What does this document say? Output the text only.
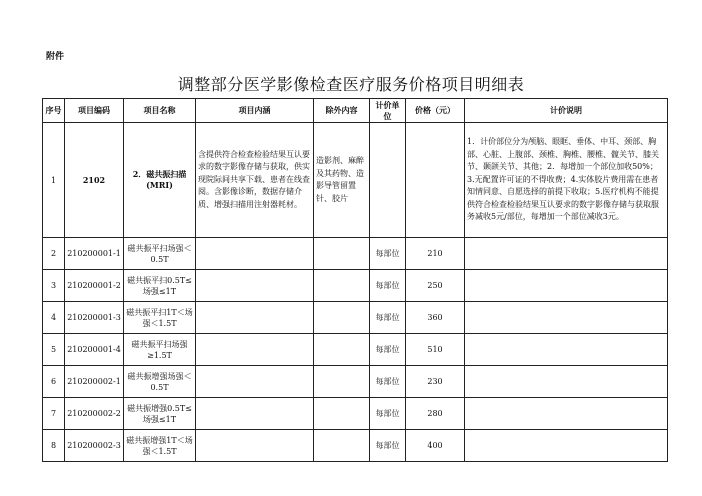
附件
调整部分医学影像检查医疗服务价格项目明细表
序号	项目编码	项目名称	项目内涵	除外内容	计价单位	价格（元）	计价说明
1	2102	2．磁共振扫描(MRI)	含提供符合检查检验结果互认要求的数字影像存储与获取，供实现院际间共享下载、患者在线查阅。含影像诊断，数据存储介质、增强扫描用注射器耗材。	造影剂、麻醉及其药物、造影导管留置针、胶片			1．计价部位分为颅脑、眼眶、垂体、中耳、颈部、胸部、心脏、上腹部、颈椎、胸椎、腰椎、髋关节、膝关节、颞颌关节、其他；2．每增加一个部位加收50%；3.无配置许可证的不得收费；4.实体胶片费用需在患者知情同意、自愿选择的前提下收取；5.医疗机构不能提供符合检查检验结果互认要求的数字影像存储与获取服务减收5元/部位，每增加一个部位减收3元。
2	210200001-1	磁共振平扫场强＜0.5T			每部位	210	
3	210200001-2	磁共振平扫0.5T≤场强≤1T			每部位	250	
4	210200001-3	磁共振平扫1T＜场强＜1.5T			每部位	360	
5	210200001-4	磁共振平扫场强≥1.5T			每部位	510	
6	210200002-1	磁共振增强场强＜0.5T			每部位	230	
7	210200002-2	磁共振增强0.5T≤场强≤1T			每部位	280	
8	210200002-3	磁共振增强1T＜场强＜1.5T			每部位	400	
